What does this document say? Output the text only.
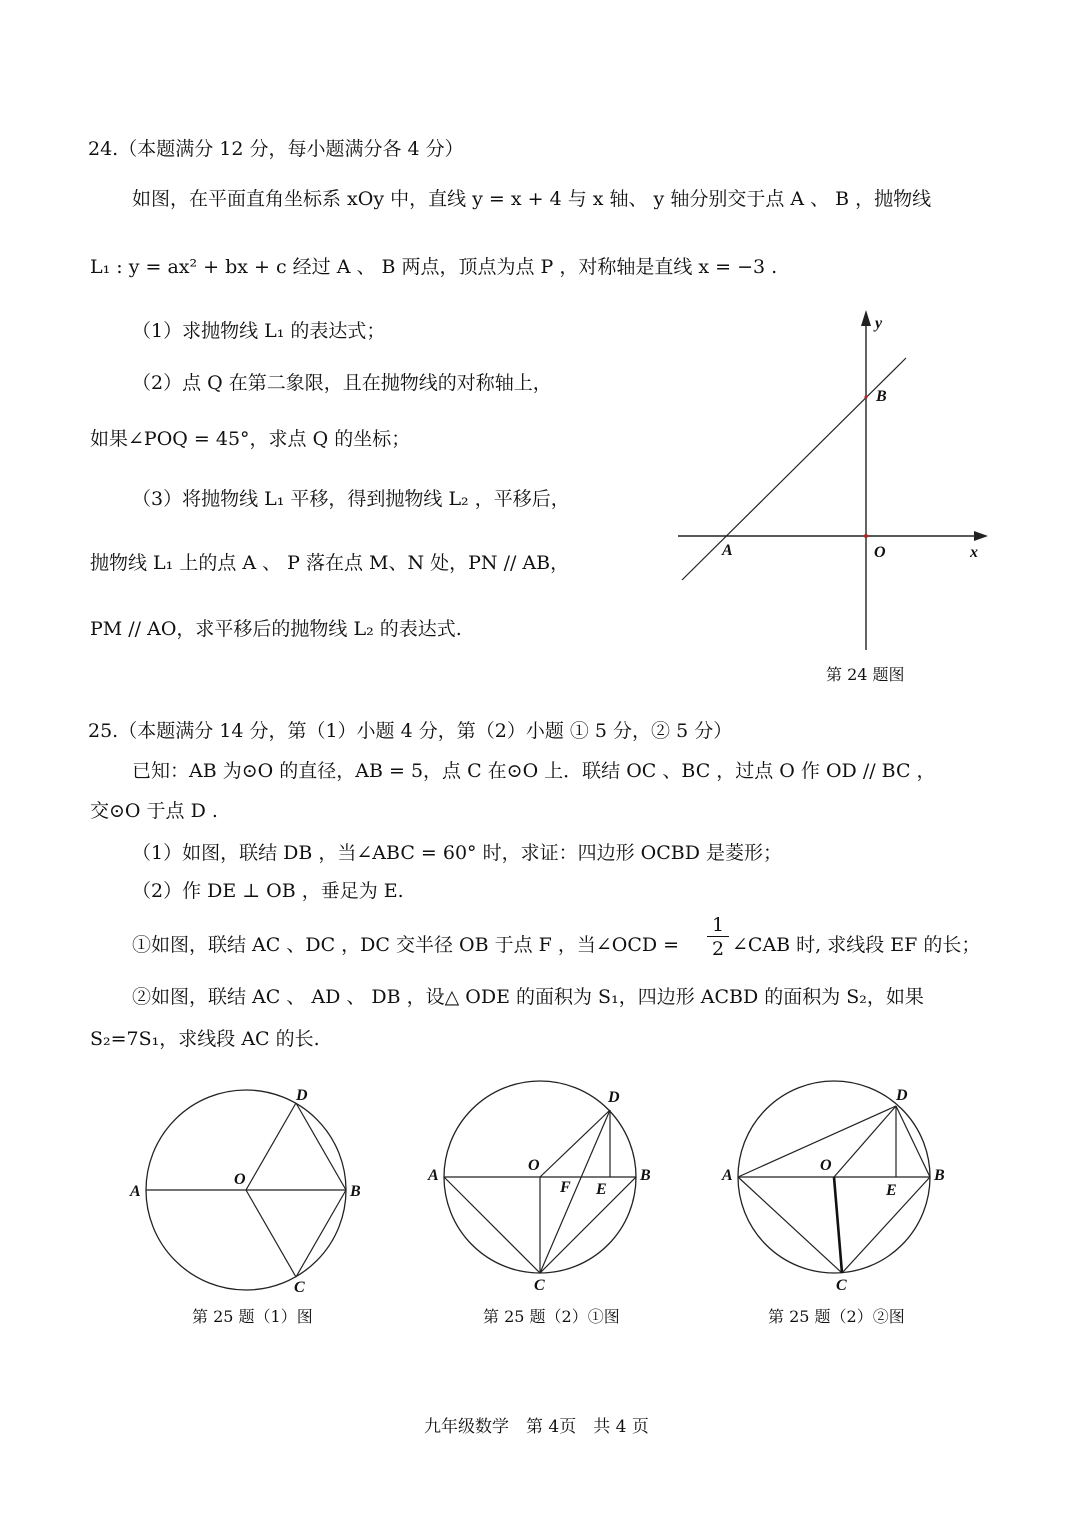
24.（本题满分 12 分，每小题满分各 4 分）
如图，在平面直角坐标系 xOy 中，直线 y = x + 4 与 x 轴、 y 轴分别交于点 A 、 B ，抛物线
L₁ : y = ax² + bx + c 经过 A 、 B 两点，顶点为点 P ，对称轴是直线 x = −3 .
（1）求抛物线 L₁ 的表达式；
（2）点 Q 在第二象限，且在抛物线的对称轴上，
如果∠POQ = 45°，求点 Q 的坐标；
（3）将抛物线 L₁ 平移，得到抛物线 L₂ ，平移后，
抛物线 L₁ 上的点 A 、 P 落在点 M、N 处，PN // AB，
PM // AO，求平移后的抛物线 L₂ 的表达式.
y
B
O	x
A
第 24 题图
25.（本题满分 14 分，第（1）小题 4 分，第（2）小题 ① 5 分，② 5 分）
已知：AB 为⊙O 的直径，AB = 5，点 C 在⊙O 上．联结 OC 、BC ，过点 O 作 OD // BC ，
交⊙O 于点 D .
（1）如图，联结 DB ，当∠ABC = 60° 时，求证：四边形 OCBD 是菱形；
（2）作 DE ⊥ OB ，垂足为 E.
①如图，联结 AC 、DC ，DC 交半径 OB 于点 F ，当∠OCD = $\frac{1}{2}$ ∠CAB 时, 求线段 EF 的长；
②如图，联结 AC 、 AD 、 DB ，设△ ODE 的面积为 S₁，四边形 ACBD 的面积为 S₂，如果
S₂=7S₁，求线段 AC 的长.
D
A
O
B
C
第 25 题（1）图
D
A
O
B
F E
C
第 25 题（2）①图
D
A
O
B
E
C
第 25 题（2）②图
九年级数学　第 4页　共 4 页
